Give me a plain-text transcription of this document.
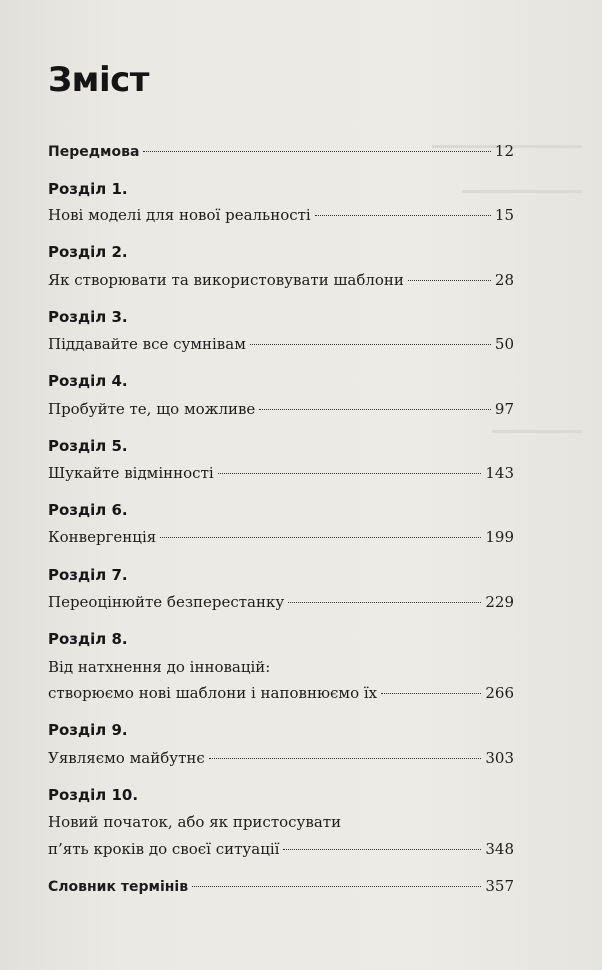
Зміст
Передмова	12
Розділ 1.
Нові моделі для нової реальності	15
Розділ 2.
Як створювати та використовувати шаблони	28
Розділ 3.
Піддавайте все сумнівам	50
Розділ 4.
Пробуйте те, що можливе	97
Розділ 5.
Шукайте відмінності	143
Розділ 6.
Конвергенція	199
Розділ 7.
Переоцінюйте безперестанку	229
Розділ 8.
Від натхнення до інновацій:
створюємо нові шаблони і наповнюємо їх	266
Розділ 9.
Уявляємо майбутнє	303
Розділ 10.
Новий початок, або як пристосувати
п’ять кроків до своєї ситуації	348
Словник термінів	357
